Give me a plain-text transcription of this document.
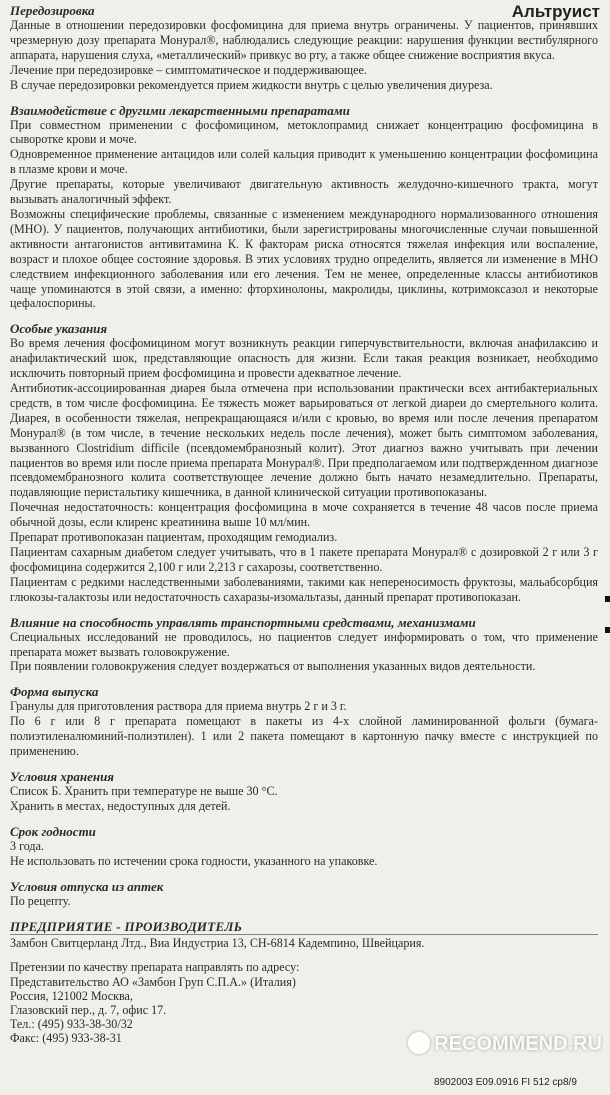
Альтруист

Передозировка

Данные в отношении передозировки фосфомицина для приема внутрь ограничены. У пациентов, принявших чрезмерную дозу препарата Монурал®, наблюдались следующие реакции: нарушения функции вестибулярного аппарата, нарушения слуха, «металлический» привкус во рту, а также общее снижение восприятия вкуса.

Лечение при передозировке – симптоматическое и поддерживающее.

В случае передозировки рекомендуется прием жидкости внутрь с целью увеличения диуреза.

Взаимодействие с другими лекарственными препаратами

При совместном применении с фосфомицином, метоклопрамид снижает концентрацию фосфомицина в сыворотке крови и моче.

Одновременное применение антацидов или солей кальция приводит к уменьшению концентрации фосфомицина в плазме крови и моче.

Другие препараты, которые увеличивают двигательную активность желудочно-кишечного тракта, могут вызывать аналогичный эффект.

Возможны специфические проблемы, связанные с изменением международного нормализованного отношения (МНО). У пациентов, получающих антибиотики, были зарегистрированы многочисленные случаи повышенной активности антагонистов антивитамина К. К факторам риска относятся тяжелая инфекция или воспаление, возраст и плохое общее состояние здоровья. В этих условиях трудно определить, является ли изменение в МНО следствием инфекционного заболевания или его лечения. Тем не менее, определенные классы антибиотиков чаще упоминаются в этой связи, а именно: фторхинолоны, макролиды, циклины, котримоксазол и некоторые цефалоспорины.

Особые указания

Во время лечения фосфомицином могут возникнуть реакции гиперчувствительности, включая анафилаксию и анафилактический шок, представляющие опасность для жизни. Если такая реакция возникает, необходимо исключить повторный прием фосфомицина и провести адекватное лечение.

Антибиотик-ассоциированная диарея была отмечена при использовании практически всех антибактериальных средств, в том числе фосфомицина. Ее тяжесть может варьироваться от легкой диареи до смертельного колита. Диарея, в особенности тяжелая, непрекращающаяся и/или с кровью, во время или после лечения препаратом Монурал® (в том числе, в течение нескольких недель после лечения), может быть симптомом заболевания, вызванного Clostridium difficile (псевдомембранозный колит). Этот диагноз важно учитывать при лечении пациентов во время или после приема препарата Монурал®. При предполагаемом или подтвержденном диагнозе псевдомембранозного колита соответствующее лечение должно быть начато незамедлительно. Препараты, подавляющие перистальтику кишечника, в данной клинической ситуации противопоказаны.

Почечная недостаточность: концентрация фосфомицина в моче сохраняется в течение 48 часов после приема обычной дозы, если клиренс креатинина выше 10 мл/мин.

Препарат противопоказан пациентам, проходящим гемодиализ.

Пациентам сахарным диабетом следует учитывать, что в 1 пакете препарата Монурал® с дозировкой 2 г или 3 г фосфомицина содержится 2,100 г или 2,213 г сахарозы, соответственно.

Пациентам с редкими наследственными заболеваниями, такими как непереносимость фруктозы, мальабсорбция глюкозы-галактозы или недостаточность сахаразы-изомальтазы, данный препарат противопоказан.

Влияние на способность управлять транспортными средствами, механизмами

Специальных исследований не проводилось, но пациентов следует информировать о том, что применение препарата может вызвать головокружение.

При появлении головокружения следует воздержаться от выполнения указанных видов деятельности.

Форма выпуска

Гранулы для приготовления раствора для приема внутрь 2 г и 3 г.

По 6 г или 8 г препарата помещают в пакеты из 4-х слойной ламинированной фольги (бумага-полиэтиленалюминий-полиэтилен). 1 или 2 пакета помещают в картонную пачку вместе с инструкцией по применению.

Условия хранения

Список Б. Хранить при температуре не выше 30 °С.

Хранить в местах, недоступных для детей.

Срок годности

3 года.

Не использовать по истечении срока годности, указанного на упаковке.

Условия отпуска из аптек

По рецепту.

ПРЕДПРИЯТИЕ - ПРОИЗВОДИТЕЛЬ

Замбон Свитцерланд Лтд., Виа Индустриа 13, СН-6814 Кадемпино, Швейцария.

Претензии по качеству препарата направлять по адресу:

Представительство АО «Замбон Груп С.П.А.» (Италия)

Россия, 121002 Москва,

Глазовский пер., д. 7, офис 17.

Тел.: (495) 933-38-30/32

Факс: (495) 933-38-31	RECOMMEND.RU
8902003 E09.0916 FI 512 cp8/9
